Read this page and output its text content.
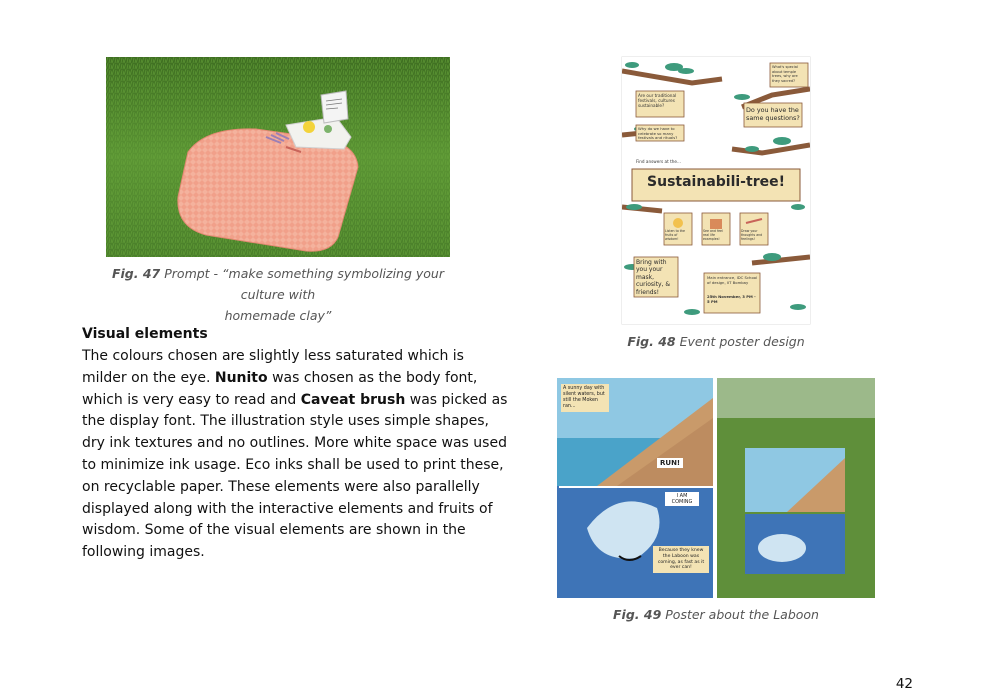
Fig. 47 Prompt - “make something symbolizing your culture with
homemade clay”
Visual elements
The colours chosen are slightly less saturated which is
milder on the eye. Nunito was chosen as the body font,
which is very easy to read and Caveat brush was picked as
the display font. The illustration style uses simple shapes,
dry ink textures and no outlines. More white space was used
to minimize ink usage. Eco inks shall be used to print these,
on recyclable paper. These elements were also parallelly
displayed along with the interactive elements and fruits of
wisdom. Some of the visual elements are shown in the
following images.
Are our traditional festivals, cultures sustainable?
Why do we have to celebrate so many festivals and rituals?
What's special about temple trees, why are they sacred?
Do you have the same questions?
Find answers at the...
Sustainabili-tree!
Listen to the fruits of wisdom!
See and feel real life examples!
Draw your thoughts and feelings!
Bring with you your mask, curiosity, & friends!
Main entrance, IDC School of design, IIT Bombay
25th November, 3 PM - 5 PM
Fig. 48 Event poster design
A sunny day with silent waters, but still the Moken ran...
RUN!
I AM COMING
Because they knew the Laboon was coming, as fast as it ever can!
Fig. 49 Poster about the Laboon
42
